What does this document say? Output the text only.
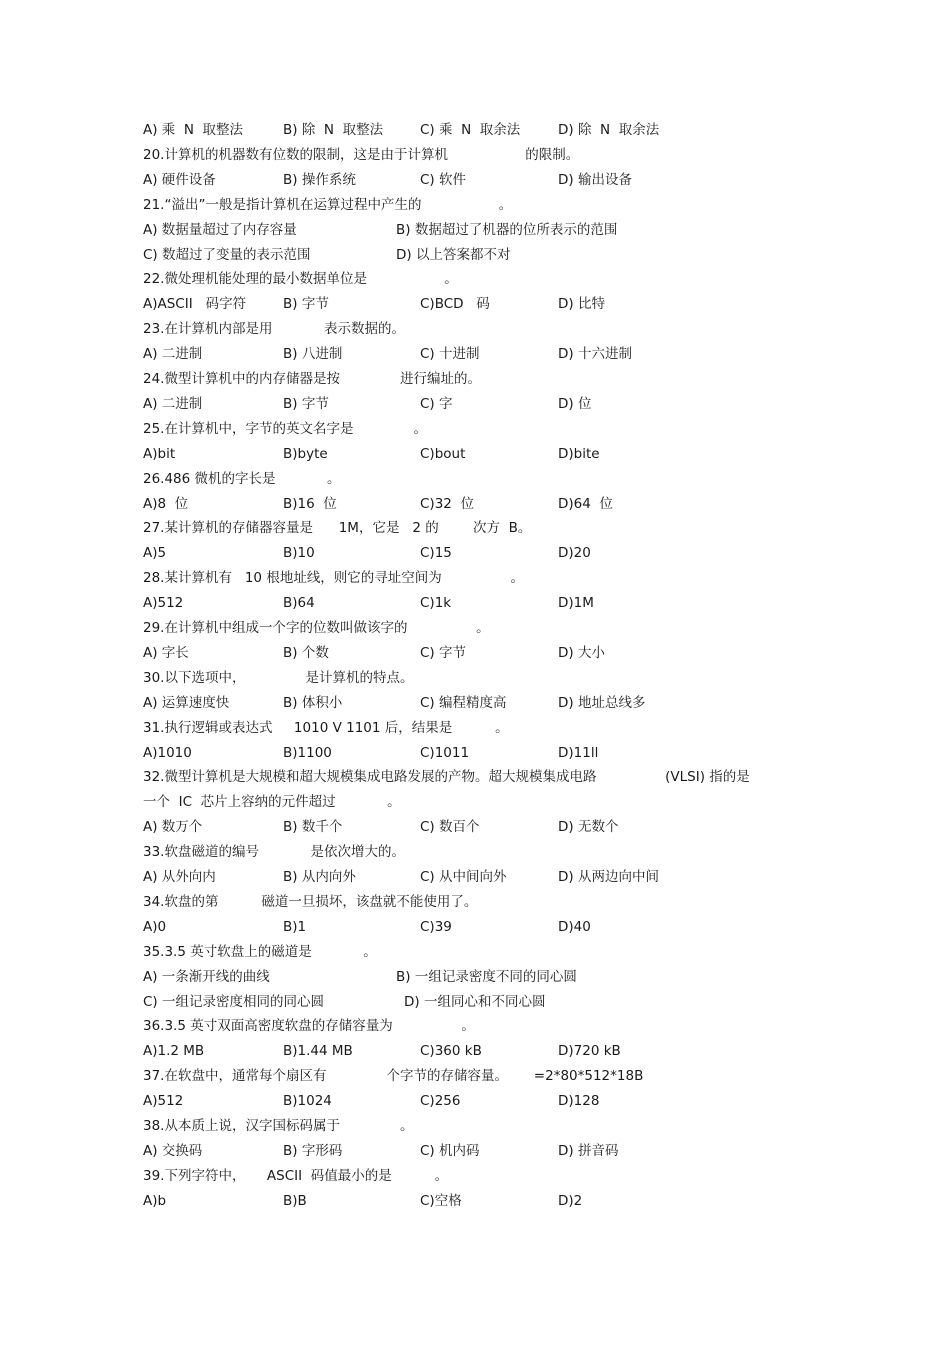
A) 乘  N  取整法	B) 除  N  取整法	C) 乘  N  取余法	D) 除  N  取余法
20.计算机的机器数有位数的限制，这是由于计算机                  的限制。
A) 硬件设备	B) 操作系统	C) 软件	D) 输出设备
21.“溢出”一般是指计算机在运算过程中产生的                  。
A) 数据量超过了内存容量	B) 数据超过了机器的位所表示的范围
C) 数超过了变量的表示范围	D) 以上答案都不对
22.微处理机能处理的最小数据单位是                  。
A)ASCII   码字符	B) 字节	C)BCD   码	D) 比特
23.在计算机内部是用            表示数据的。
A) 二进制	B) 八进制	C) 十进制	D) 十六进制
24.微型计算机中的内存储器是按              进行编址的。
A) 二进制	B) 字节	C) 字	D) 位
25.在计算机中，字节的英文名字是              。
A)bit	B)byte	C)bout	D)bite
26.486 微机的字长是            。
A)8  位	B)16  位	C)32  位	D)64  位
27.某计算机的存储器容量是      1M，它是   2 的        次方  B。
A)5	B)10	C)15	D)20
28.某计算机有   10 根地址线，则它的寻址空间为                。
A)512	B)64	C)1k	D)1M
29.在计算机中组成一个字的位数叫做该字的                。
A) 字长	B) 个数	C) 字节	D) 大小
30.以下选项中，              是计算机的特点。
A) 运算速度快	B) 体积小	C) 编程精度高	D) 地址总线多
31.执行逻辑或表达式     1010 V 1101 后，结果是          。
A)1010	B)1100	C)1011	D)11ll
32.微型计算机是大规模和超大规模集成电路发展的产物。超大规模集成电路                (VLSI) 指的是
一个  IC  芯片上容纳的元件超过            。
A) 数万个	B) 数千个	C) 数百个	D) 无数个
33.软盘磁道的编号            是依次增大的。
A) 从外向内	B) 从内向外	C) 从中间向外	D) 从两边向中间
34.软盘的第          磁道一旦损坏，该盘就不能使用了。
A)0	B)1	C)39	D)40
35.3.5 英寸软盘上的磁道是            。
A) 一条渐开线的曲线	B) 一组记录密度不同的同心圆
C) 一组记录密度相同的同心圆	D) 一组同心和不同心圆
36.3.5 英寸双面高密度软盘的存储容量为                。
A)1.2 MB	B)1.44 MB	C)360 kB	D)720 kB
37.在软盘中，通常每个扇区有              个字节的存储容量。      =2*80*512*18B
A)512	B)1024	C)256	D)128
38.从本质上说，汉字国标码属于              。
A) 交换码	B) 字形码	C) 机内码	D) 拼音码
39.下列字符中，     ASCII  码值最小的是          。
A)b	B)B	C)空格	D)2
